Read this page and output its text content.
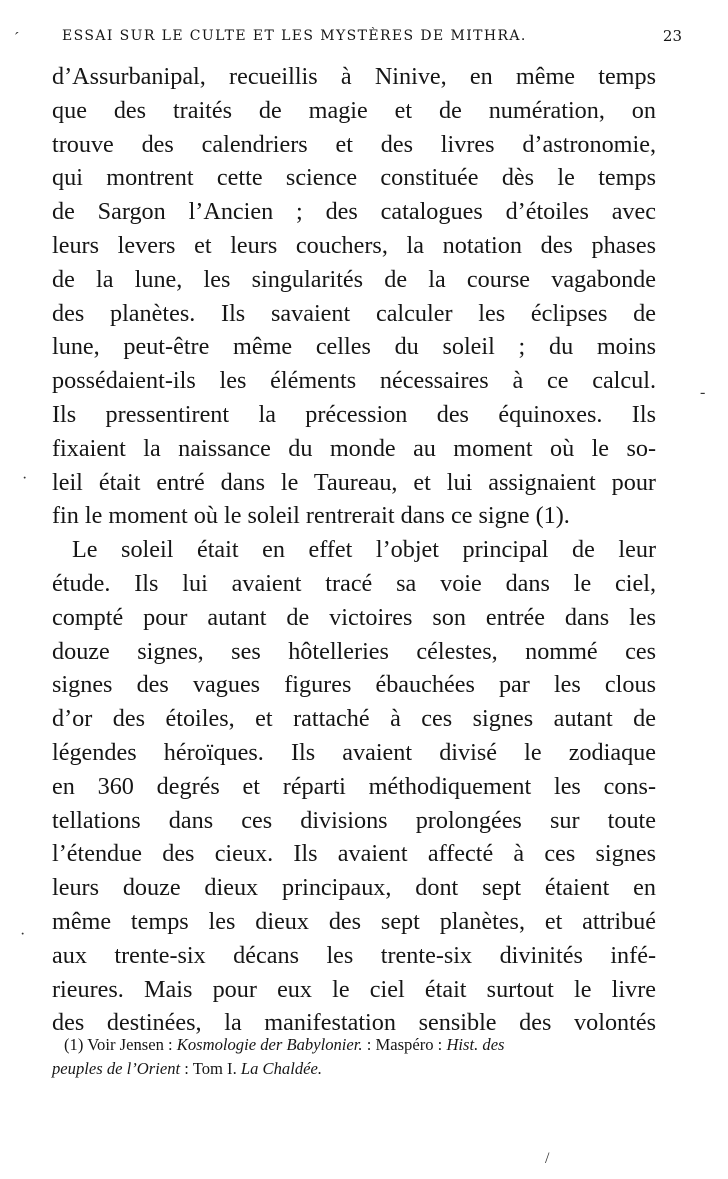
ESSAI SUR LE CULTE ET LES MYSTÈRES DE MITHRA.	23
d’Assurbanipal, recueillis à Ninive, en même temps
que des traités de magie et de numération, on
trouve des calendriers et des livres d’astronomie,
qui montrent cette science constituée dès le temps
de Sargon l’Ancien ; des catalogues d’étoiles avec
leurs levers et leurs couchers, la notation des phases
de la lune, les singularités de la course vagabonde
des planètes. Ils savaient calculer les éclipses de
lune, peut-être même celles du soleil ; du moins
possédaient-ils les éléments nécessaires à ce calcul.
Ils pressentirent la précession des équinoxes. Ils
fixaient la naissance du monde au moment où le so-
leil était entré dans le Taureau, et lui assignaient pour
fin le moment où le soleil rentrerait dans ce signe (1).
Le soleil était en effet l’objet principal de leur
étude. Ils lui avaient tracé sa voie dans le ciel,
compté pour autant de victoires son entrée dans les
douze signes, ses hôtelleries célestes, nommé ces
signes des vagues figures ébauchées par les clous
d’or des étoiles, et rattaché à ces signes autant de
légendes héroïques. Ils avaient divisé le zodiaque
en 360 degrés et réparti méthodiquement les cons-
tellations dans ces divisions prolongées sur toute
l’étendue des cieux. Ils avaient affecté à ces signes
leurs douze dieux principaux, dont sept étaient en
même temps les dieux des sept planètes, et attribué
aux trente-six décans les trente-six divinités infé-
rieures. Mais pour eux le ciel était surtout le livre
des destinées, la manifestation sensible des volontés
(1) Voir Jensen : Kosmologie der Babylonier. : Maspéro : Hist. des
peuples de l’Orient : Tom I. La Chaldée.
´
-
·
·
/
